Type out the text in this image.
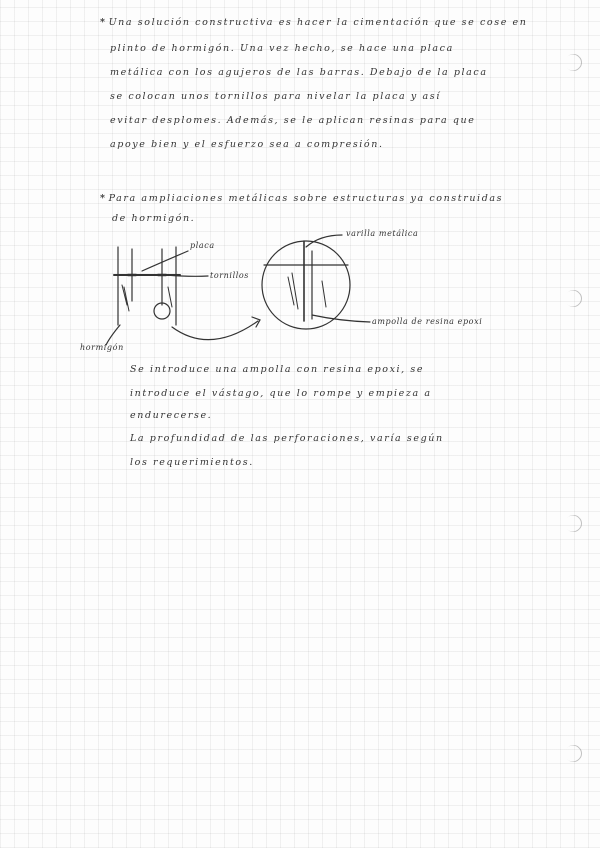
* Una solución constructiva es hacer la cimentación que se cose en
plinto de hormigón. Una vez hecho, se hace una placa
metálica con los agujeros de las barras. Debajo de la placa
se colocan unos tornillos para nivelar la placa y así
evitar desplomes. Además, se le aplican resinas para que
apoye bien y el esfuerzo sea a compresión.
* Para ampliaciones metálicas sobre estructuras ya construidas
de hormigón.
placa
tornillos
hormigón
varilla metálica
ampolla de resina epoxi
Se introduce una ampolla con resina epoxi, se
introduce el vástago, que lo rompe y empieza a
endurecerse.
La profundidad de las perforaciones, varía según
los requerimientos.
